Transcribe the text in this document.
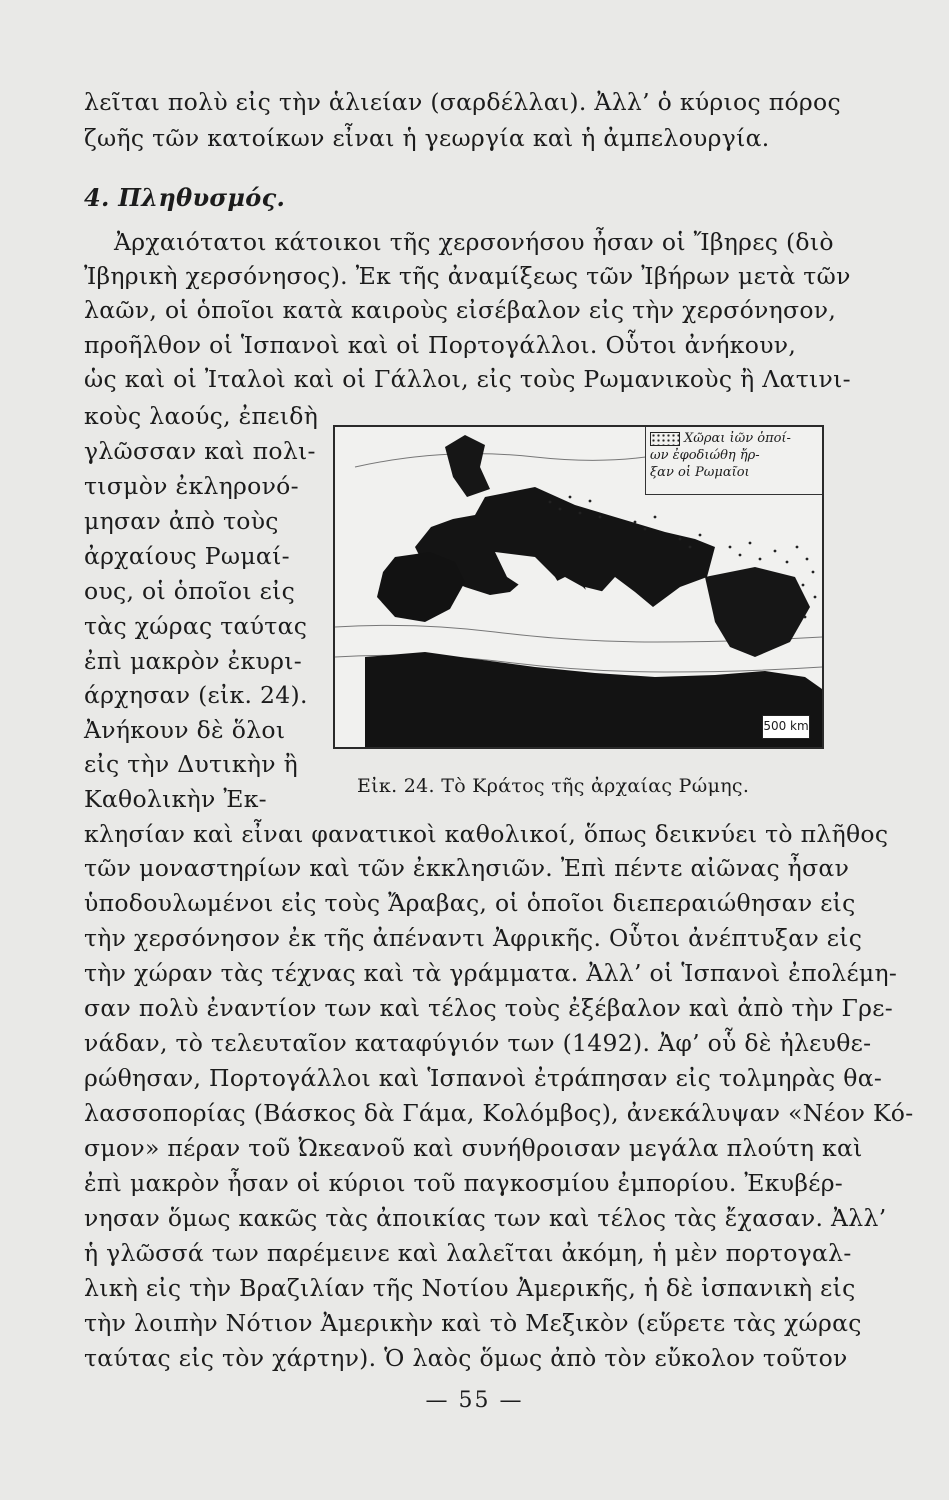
λεῖται πολὺ εἰς τὴν ἁλιείαν (σαρδέλλαι). Ἀλλ’ ὁ κύριος πόρος
ζωῆς τῶν κατοίκων εἶναι ἡ γεωργία καὶ ἡ ἀμπελουργία.
4. Πληθυσμός.
Ἀρχαιότατοι κάτοικοι τῆς χερσονήσου ἦσαν οἱ Ἴβηρες (διὸ
Ἰβηρικὴ χερσόνησος). Ἐκ τῆς ἀναμίξεως τῶν Ἰβήρων μετὰ τῶν
λαῶν, οἱ ὁποῖοι κατὰ καιροὺς εἰσέβαλον εἰς τὴν χερσόνησον,
προῆλθον οἱ Ἱσπανοὶ καὶ οἱ Πορτογάλλοι. Οὗτοι ἀνήκουν,
ὡς καὶ οἱ Ἰταλοὶ καὶ οἱ Γάλλοι, εἰς τοὺς Ρωμανικοὺς ἢ Λατινι-
κοὺς λαούς, ἐπειδὴ
γλῶσσαν καὶ πολι-
τισμὸν ἐκληρονό-
μησαν ἀπὸ τοὺς
ἀρχαίους Ρωμαί-
ους, οἱ ὁποῖοι εἰς
τὰς χώρας ταύτας
ἐπὶ μακρὸν ἐκυρι-
άρχησαν (εἰκ. 24).
Ἀνήκουν δὲ ὅλοι
εἰς τὴν Δυτικὴν ἢ
Καθολικὴν Ἐκ-
Χῶραι ἰῶν ὁποί-
ων ἐφοδιώθη ἤρ-
ξαν οἱ Ρωμαῖοι
500 km
Εἰκ. 24. Τὸ Κράτος τῆς ἀρχαίας Ρώμης.
κλησίαν καὶ εἶναι φανατικοὶ καθολικοί, ὅπως δεικνύει τὸ πλῆθος
τῶν μοναστηρίων καὶ τῶν ἐκκλησιῶν. Ἐπὶ πέντε αἰῶνας ἦσαν
ὑποδουλωμένοι εἰς τοὺς Ἄραβας, οἱ ὁποῖοι διεπεραιώθησαν εἰς
τὴν χερσόνησον ἐκ τῆς ἀπέναντι Ἀφρικῆς. Οὗτοι ἀνέπτυξαν εἰς
τὴν χώραν τὰς τέχνας καὶ τὰ γράμματα. Ἀλλ’ οἱ Ἱσπανοὶ ἐπολέμη-
σαν πολὺ ἐναντίον των καὶ τέλος τοὺς ἐξέβαλον καὶ ἀπὸ τὴν Γρε-
νάδαν, τὸ τελευταῖον καταφύγιόν των (1492). Ἀφ’ οὗ δὲ ἠλευθε-
ρώθησαν, Πορτογάλλοι καὶ Ἱσπανοὶ ἐτράπησαν εἰς τολμηρὰς θα-
λασσοπορίας (Βάσκος δὰ Γάμα, Κολόμβος), ἀνεκάλυψαν «Νέον Κό-
σμον» πέραν τοῦ Ὠκεανοῦ καὶ συνήθροισαν μεγάλα πλούτη καὶ
ἐπὶ μακρὸν ἦσαν οἱ κύριοι τοῦ παγκοσμίου ἐμπορίου. Ἐκυβέρ-
νησαν ὅμως κακῶς τὰς ἀποικίας των καὶ τέλος τὰς ἔχασαν. Ἀλλ’
ἡ γλῶσσά των παρέμεινε καὶ λαλεῖται ἀκόμη, ἡ μὲν πορτογαλ-
λικὴ εἰς τὴν Βραζιλίαν τῆς Νοτίου Ἀμερικῆς, ἡ δὲ ἰσπανικὴ εἰς
τὴν λοιπὴν Νότιον Ἀμερικὴν καὶ τὸ Μεξικὸν (εὕρετε τὰς χώρας
ταύτας εἰς τὸν χάρτην). Ὁ λαὸς ὅμως ἀπὸ τὸν εὔκολον τοῦτον
— 55 —
